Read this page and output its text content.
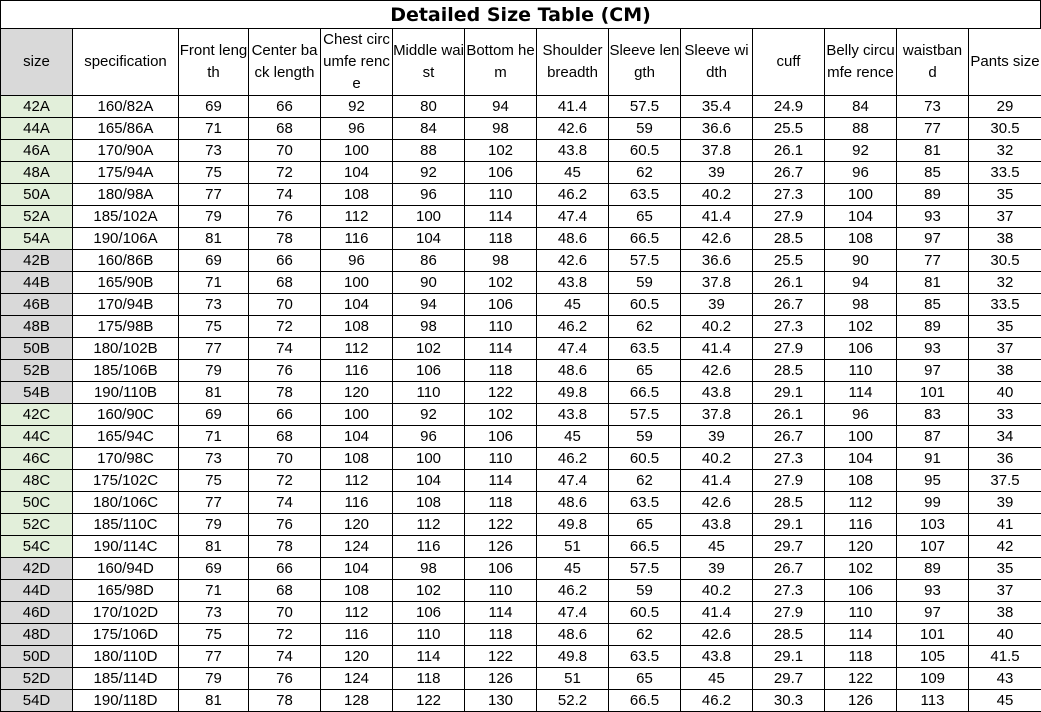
Detailed Size Table (CM)
size	specification	Front length	Center back length	Chest circumfe rence	Middle waist	Bottom hem	Shoulder breadth	Sleeve length	Sleeve width	cuff	Belly circumfe rence	waistban d	Pants size
42A	160/82A	69	66	92	80	94	41.4	57.5	35.4	24.9	84	73	29
44A	165/86A	71	68	96	84	98	42.6	59	36.6	25.5	88	77	30.5
46A	170/90A	73	70	100	88	102	43.8	60.5	37.8	26.1	92	81	32
48A	175/94A	75	72	104	92	106	45	62	39	26.7	96	85	33.5
50A	180/98A	77	74	108	96	110	46.2	63.5	40.2	27.3	100	89	35
52A	185/102A	79	76	112	100	114	47.4	65	41.4	27.9	104	93	37
54A	190/106A	81	78	116	104	118	48.6	66.5	42.6	28.5	108	97	38
42B	160/86B	69	66	96	86	98	42.6	57.5	36.6	25.5	90	77	30.5
44B	165/90B	71	68	100	90	102	43.8	59	37.8	26.1	94	81	32
46B	170/94B	73	70	104	94	106	45	60.5	39	26.7	98	85	33.5
48B	175/98B	75	72	108	98	110	46.2	62	40.2	27.3	102	89	35
50B	180/102B	77	74	112	102	114	47.4	63.5	41.4	27.9	106	93	37
52B	185/106B	79	76	116	106	118	48.6	65	42.6	28.5	110	97	38
54B	190/110B	81	78	120	110	122	49.8	66.5	43.8	29.1	114	101	40
42C	160/90C	69	66	100	92	102	43.8	57.5	37.8	26.1	96	83	33
44C	165/94C	71	68	104	96	106	45	59	39	26.7	100	87	34
46C	170/98C	73	70	108	100	110	46.2	60.5	40.2	27.3	104	91	36
48C	175/102C	75	72	112	104	114	47.4	62	41.4	27.9	108	95	37.5
50C	180/106C	77	74	116	108	118	48.6	63.5	42.6	28.5	112	99	39
52C	185/110C	79	76	120	112	122	49.8	65	43.8	29.1	116	103	41
54C	190/114C	81	78	124	116	126	51	66.5	45	29.7	120	107	42
42D	160/94D	69	66	104	98	106	45	57.5	39	26.7	102	89	35
44D	165/98D	71	68	108	102	110	46.2	59	40.2	27.3	106	93	37
46D	170/102D	73	70	112	106	114	47.4	60.5	41.4	27.9	110	97	38
48D	175/106D	75	72	116	110	118	48.6	62	42.6	28.5	114	101	40
50D	180/110D	77	74	120	114	122	49.8	63.5	43.8	29.1	118	105	41.5
52D	185/114D	79	76	124	118	126	51	65	45	29.7	122	109	43
54D	190/118D	81	78	128	122	130	52.2	66.5	46.2	30.3	126	113	45
